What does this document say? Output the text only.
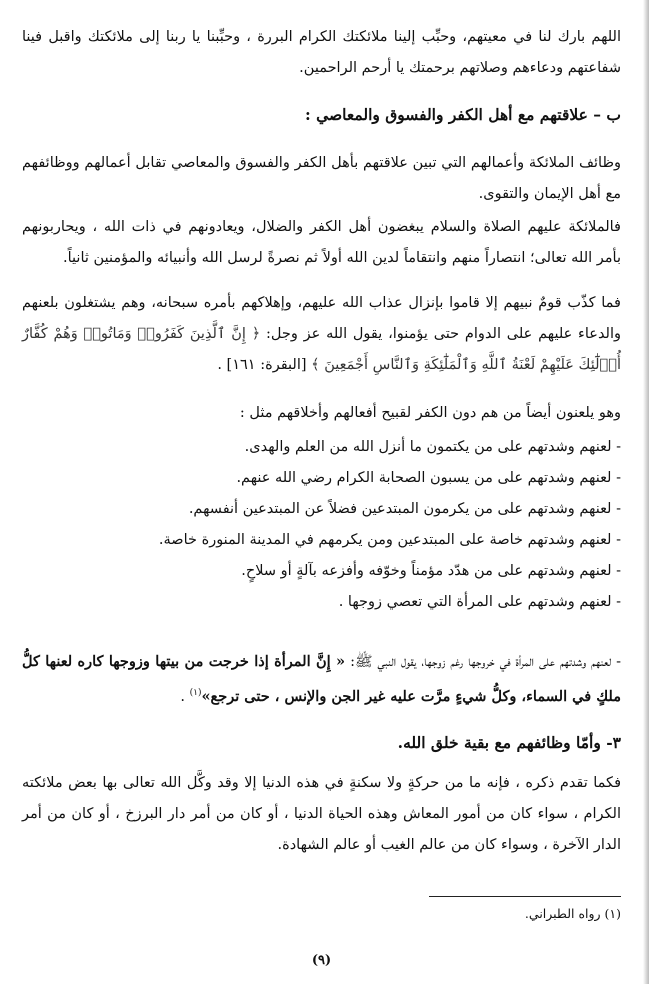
اللهم بارك لنا في معيتهم، وحبِّب إلينا ملائكتك الكرام البررة ، وحبِّبنا يا ربنا إلى ملائكتك واقبل فينا شفاعتهم ودعاءهم وصلاتهم برحمتك يا أرحم الراحمين.

ب – علاقتهم مع أهل الكفر والفسوق والمعاصي :

وظائف الملائكة وأعمالهم التي تبين علاقتهم بأهل الكفر والفسوق والمعاصي تقابل أعمالهم ووظائفهم مع أهل الإيمان والتقوى.

فالملائكة عليهم الصلاة والسلام يبغضون أهل الكفر والضلال، ويعادونهم في ذات الله ، ويحاربونهم بأمر الله تعالى؛ انتصاراً منهم وانتقاماً لدين الله أولاً ثم نصرةً لرسل الله وأنبيائه والمؤمنين ثانياً.

فما كذّب قومٌ نبيهم إلا قاموا بإنزال عذاب الله عليهم، وإهلاكهم بأمره سبحانه، وهم يشتغلون بلعنهم والدعاء عليهم على الدوام حتى يؤمنوا، يقول الله عز وجل: ﴿ إِنَّ ٱلَّذِينَ كَفَرُوا۟ وَمَاتُوا۟ وَهُمْ كُفَّارٌ أُو۟لَٰٓئِكَ عَلَيْهِمْ لَعْنَةُ ٱللَّهِ وَٱلْمَلَٰٓئِكَةِ وَٱلنَّاسِ أَجْمَعِينَ ﴾ [البقرة: ١٦١] .

وهو يلعنون أيضاً من هم دون الكفر لقبيح أفعالهم وأخلاقهم مثل :

- لعنهم وشدتهم على من يكتمون ما أنزل الله من العلم والهدى.
- لعنهم وشدتهم على من يسبون الصحابة الكرام رضي الله عنهم.
- لعنهم وشدتهم على من يكرمون المبتدعين فضلاً عن المبتدعين أنفسهم.
- لعنهم وشدتهم خاصة على المبتدعين ومن يكرمهم في المدينة المنورة خاصة.
- لعنهم وشدتهم على من هدّد مؤمناً وخوّفه وأفزعه بآلةٍ أو سلاحٍ.
- لعنهم وشدتهم على المرأة التي تعصي زوجها .

- لعنهم وشدتهم على المرأة في خروجها رغم زوجها، يقول النبي ﷺ: « إِنَّ المرأة إذا خرجت من بيتها وزوجها كاره لعنها كلُّ ملكٍ في السماء، وكلُّ شيءٍ مرَّت عليه غير الجن والإنس ، حتى ترجع»$^{(١)}$ .

٣- وأمّا وظائفهم مع بقية خلق الله.

فكما تقدم ذكره ، فإنه ما من حركةٍ ولا سكنةٍ في هذه الدنيا إلا وقد وكَّل الله تعالى بها بعض ملائكته الكرام ، سواء كان من أمور المعاش وهذه الحياة الدنيا ، أو كان من أمر دار البرزخ ، أو كان من أمر الدار الآخرة ، وسواء كان من عالم الغيب أو عالم الشهادة.

(١) رواه الطبراني.
(٩)
